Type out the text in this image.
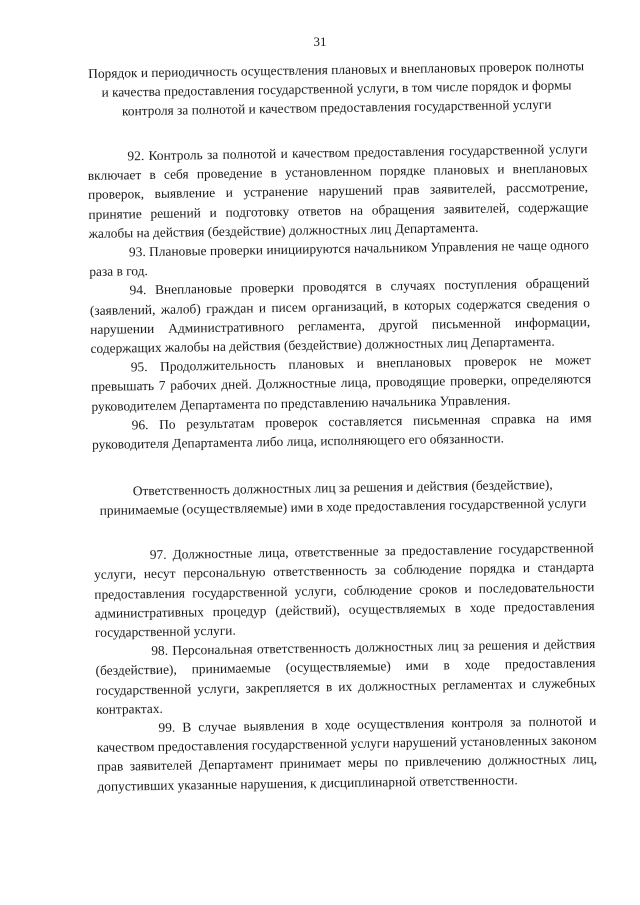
31

Порядок и периодичность осуществления плановых и внеплановых проверок полноты и качества предоставления государственной услуги, в том числе порядок и формы контроля за полнотой и качеством предоставления государственной услуги

92. Контроль за полнотой и качеством предоставления государственной услуги включает в себя проведение в установленном порядке плановых и внеплановых проверок, выявление и устранение нарушений прав заявителей, рассмотрение, принятие решений и подготовку ответов на обращения заявителей, содержащие жалобы на действия (бездействие) должностных лиц Департамента.

93. Плановые проверки инициируются начальником Управления не чаще одного раза в год.

94. Внеплановые проверки проводятся в случаях поступления обращений (заявлений, жалоб) граждан и писем организаций, в которых содержатся сведения о нарушении Административного регламента, другой письменной информации, содержащих жалобы на действия (бездействие) должностных лиц Департамента.

95. Продолжительность плановых и внеплановых проверок не может превышать 7 рабочих дней. Должностные лица, проводящие проверки, определяются руководителем Департамента по представлению начальника Управления.

96. По результатам проверок составляется письменная справка на имя руководителя Департамента либо лица, исполняющего его обязанности.

Ответственность должностных лиц за решения и действия (бездействие), принимаемые (осуществляемые) ими в ходе предоставления государственной услуги

97. Должностные лица, ответственные за предоставление государственной услуги, несут персональную ответственность за соблюдение порядка и стандарта предоставления государственной услуги, соблюдение сроков и последовательности административных процедур (действий), осуществляемых в ходе предоставления государственной услуги.

98. Персональная ответственность должностных лиц за решения и действия (бездействие), принимаемые (осуществляемые) ими в ходе предоставления государственной услуги, закрепляется в их должностных регламентах и служебных контрактах.

99. В случае выявления в ходе осуществления контроля за полнотой и качеством предоставления государственной услуги нарушений установленных законом прав заявителей Департамент принимает меры по привлечению должностных лиц, допустивших указанные нарушения, к дисциплинарной ответственности.
